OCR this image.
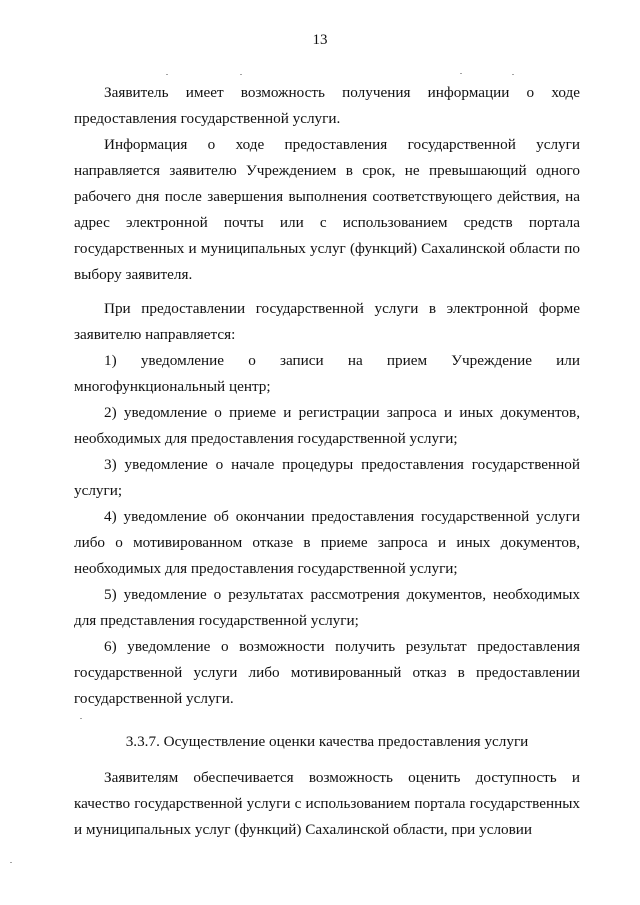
13

Заявитель имеет возможность получения информации о ходе предоставления государственной услуги.

Информация о ходе предоставления государственной услуги направляется заявителю Учреждением в срок, не превышающий одного рабочего дня после завершения выполнения соответствующего действия, на адрес электронной почты или с использованием средств портала государственных и муниципальных услуг (функций) Сахалинской области по выбору заявителя.

При предоставлении государственной услуги в электронной форме заявителю направляется:

1) уведомление о записи на прием Учреждение или многофункциональный центр;

2) уведомление о приеме и регистрации запроса и иных документов, необходимых для предоставления государственной услуги;

3) уведомление о начале процедуры предоставления государственной услуги;

4) уведомление об окончании предоставления государственной услуги либо о мотивированном отказе в приеме запроса и иных документов, необходимых для предоставления государственной услуги;

5) уведомление о результатах рассмотрения документов, необходимых для представления государственной услуги;

6) уведомление о возможности получить результат предоставления государственной услуги либо мотивированный отказ в предоставлении государственной услуги.

3.3.7. Осуществление оценки качества предоставления услуги

Заявителям обеспечивается возможность оценить доступность и качество государственной услуги с использованием портала государственных и муниципальных услуг (функций) Сахалинской области, при условии
